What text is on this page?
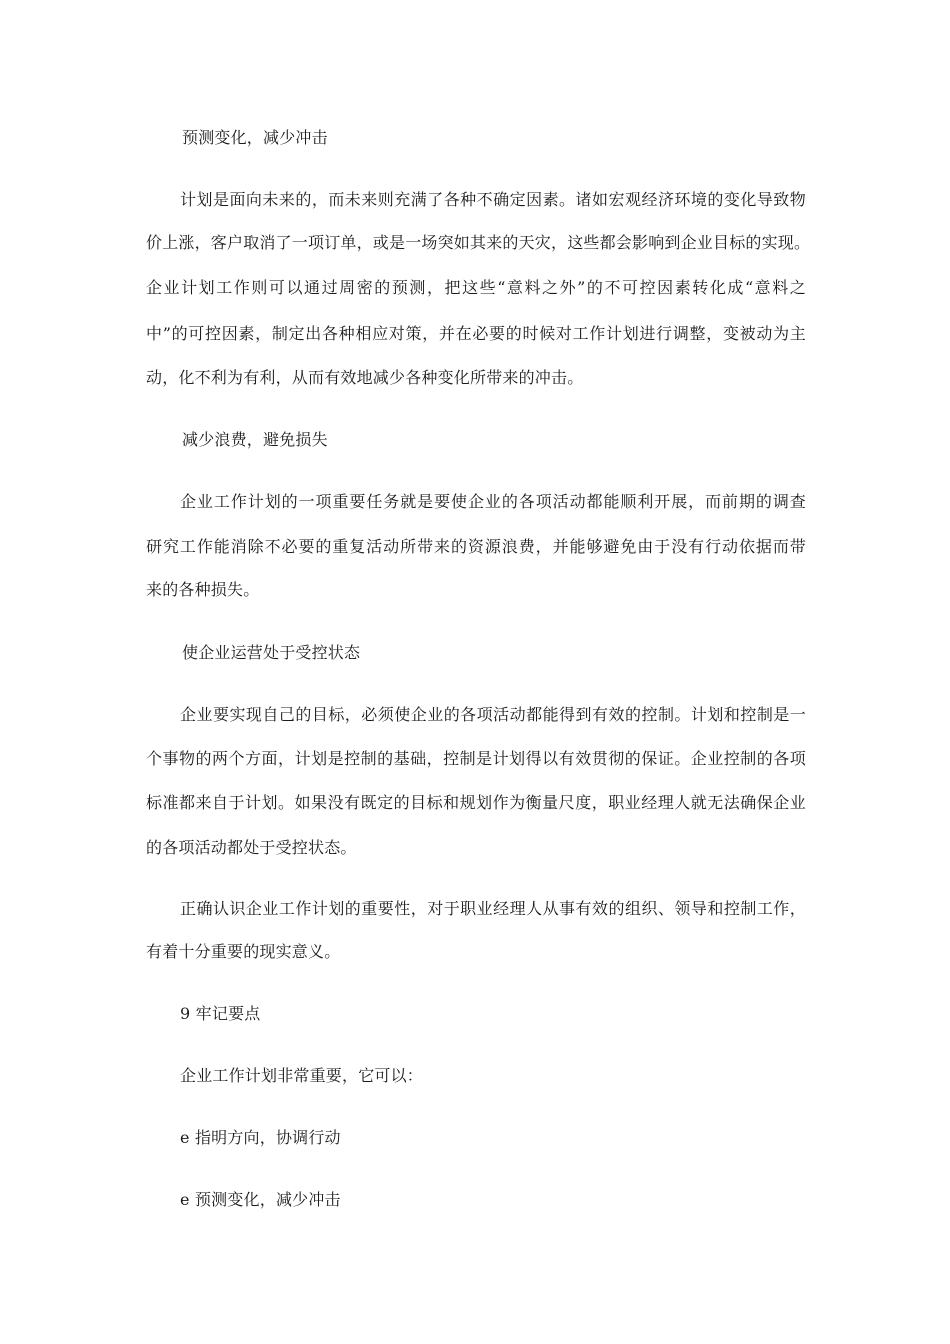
预测变化，减少冲击
计划是面向未来的，而未来则充满了各种不确定因素。诸如宏观经济环境的变化导致物
价上涨，客户取消了一项订单，或是一场突如其来的天灾，这些都会影响到企业目标的实现。
企业计划工作则可以通过周密的预测，把这些“意料之外”的不可控因素转化成“意料之
中”的可控因素，制定出各种相应对策，并在必要的时候对工作计划进行调整，变被动为主
动，化不利为有利，从而有效地减少各种变化所带来的冲击。
减少浪费，避免损失
企业工作计划的一项重要任务就是要使企业的各项活动都能顺利开展，而前期的调查
研究工作能消除不必要的重复活动所带来的资源浪费，并能够避免由于没有行动依据而带
来的各种损失。
使企业运营处于受控状态
企业要实现自己的目标，必须使企业的各项活动都能得到有效的控制。计划和控制是一
个事物的两个方面，计划是控制的基础，控制是计划得以有效贯彻的保证。企业控制的各项
标准都来自于计划。如果没有既定的目标和规划作为衡量尺度，职业经理人就无法确保企业
的各项活动都处于受控状态。
正确认识企业工作计划的重要性，对于职业经理人从事有效的组织、领导和控制工作，
有着十分重要的现实意义。
9 牢记要点
企业工作计划非常重要，它可以：
e 指明方向，协调行动
e 预测变化，减少冲击
